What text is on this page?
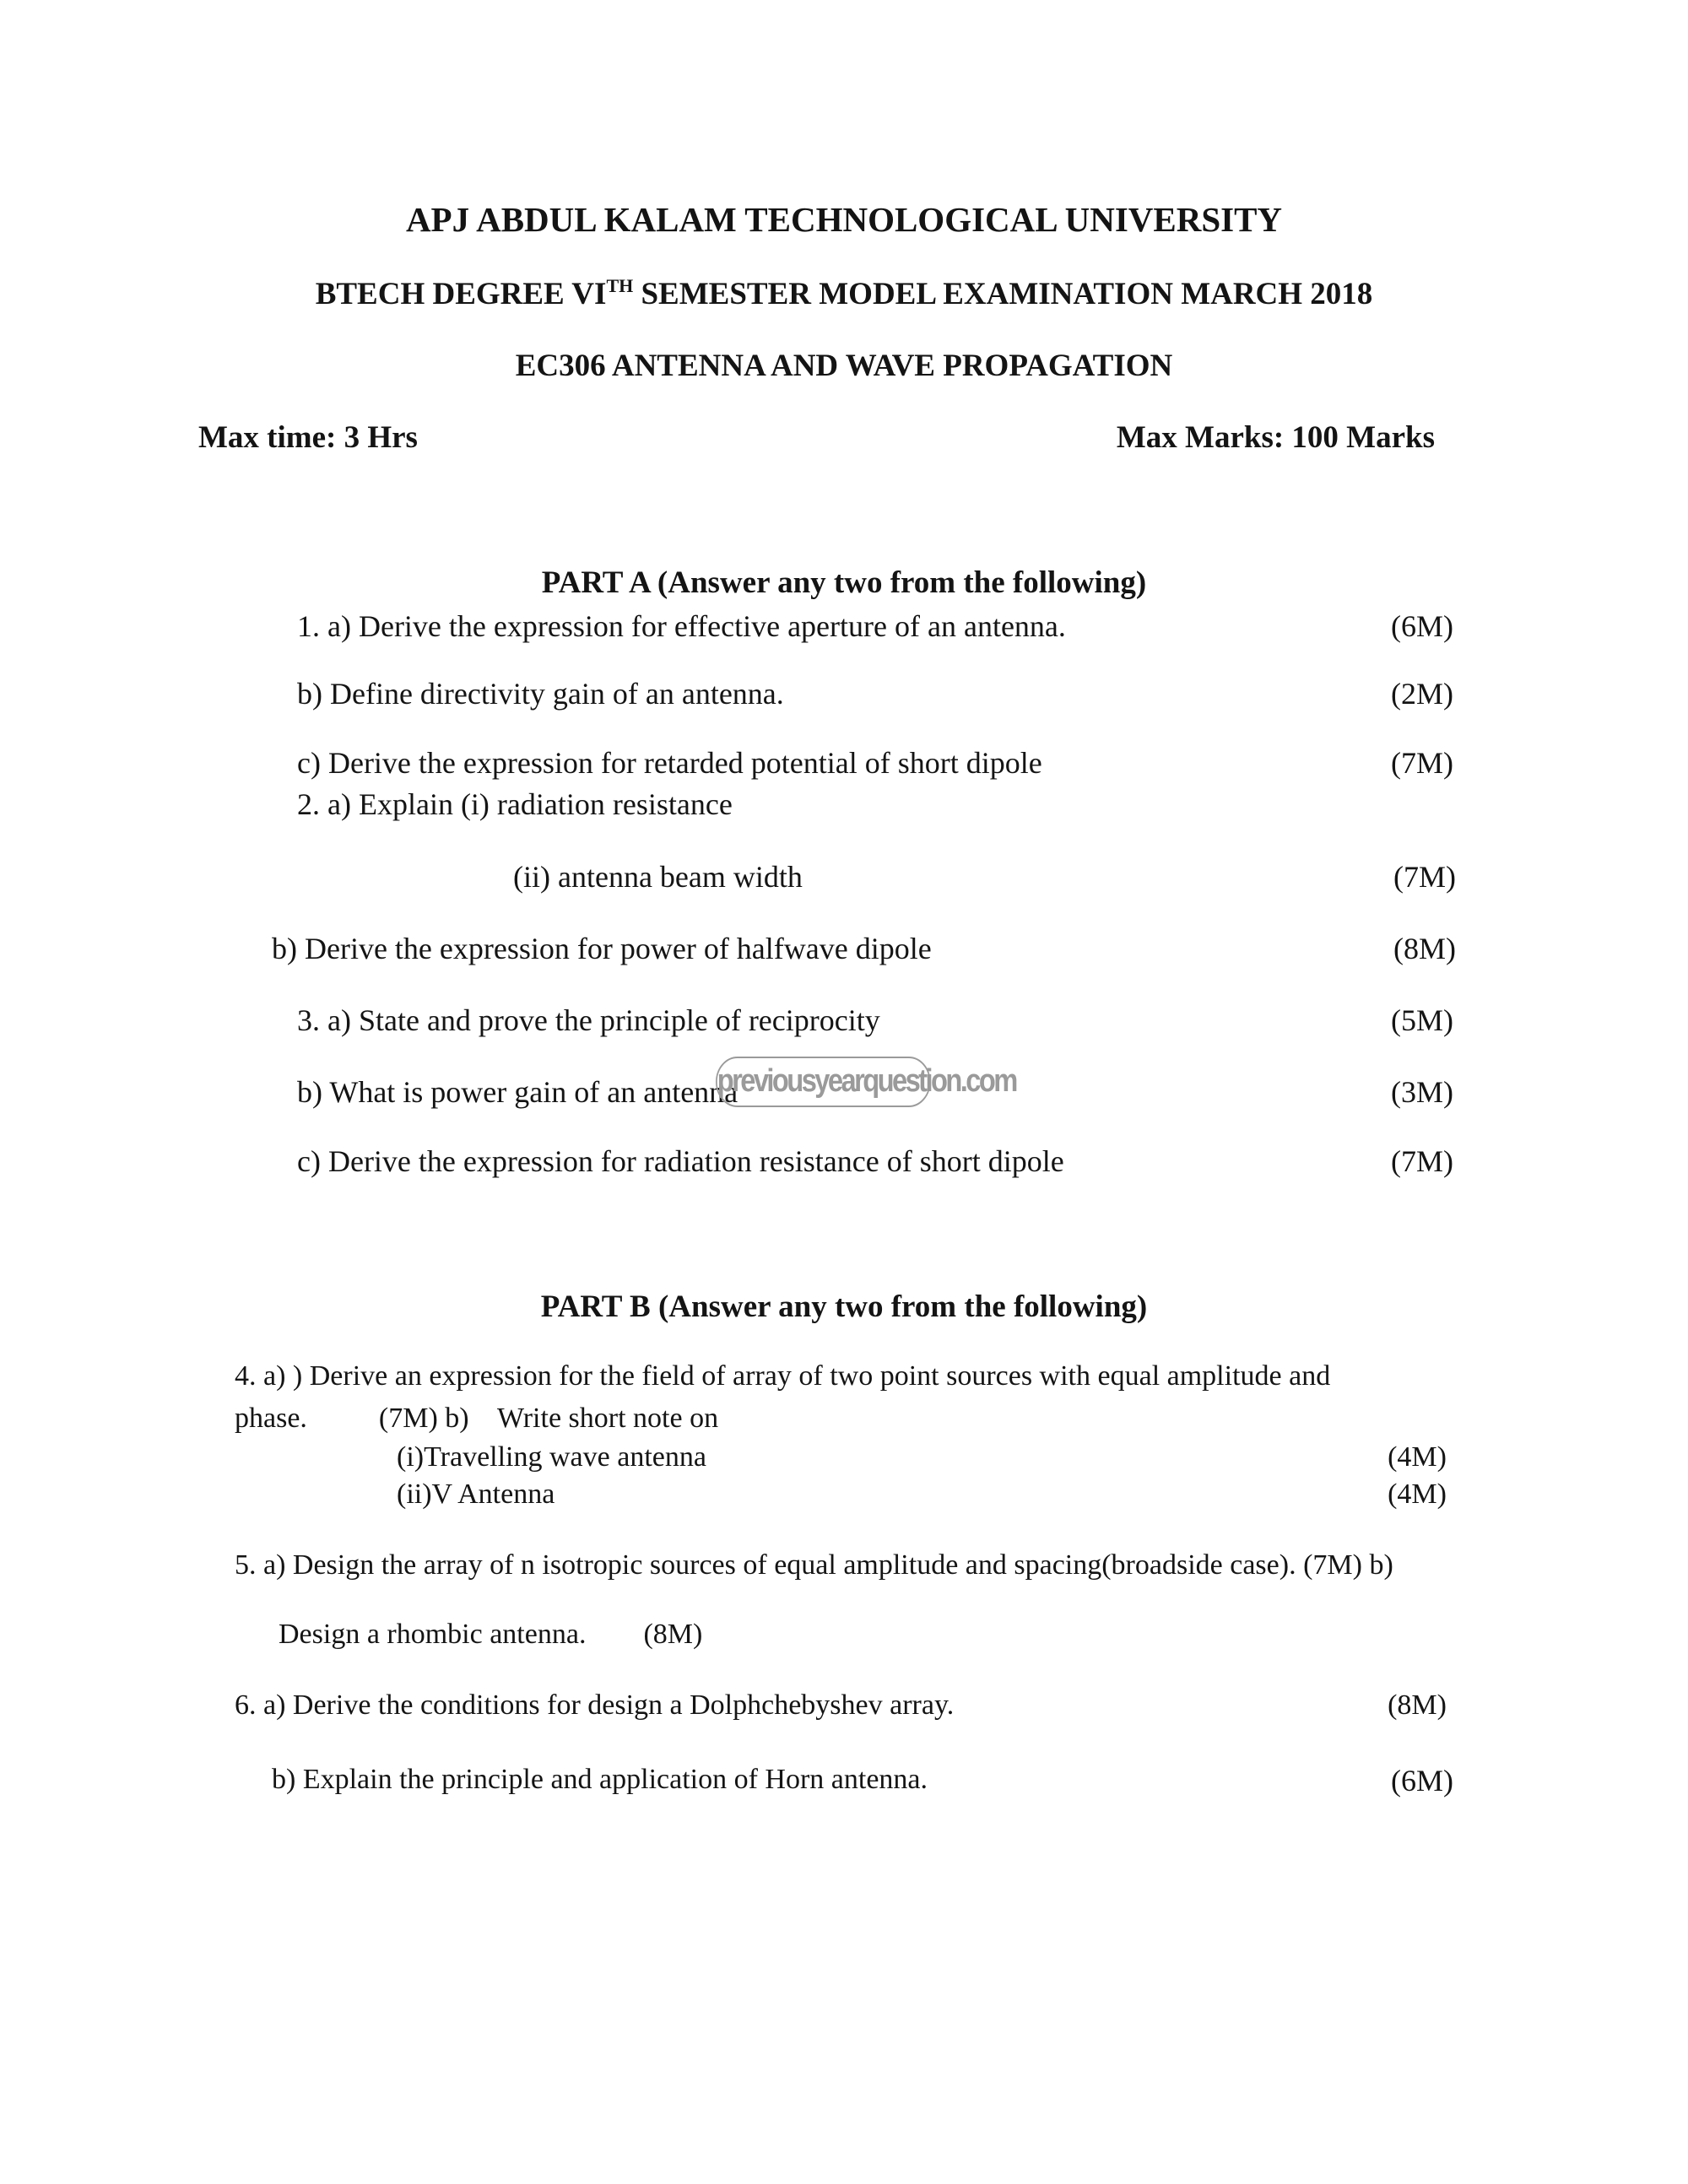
APJ ABDUL KALAM TECHNOLOGICAL UNIVERSITY
BTECH DEGREE VITH SEMESTER MODEL EXAMINATION MARCH 2018
EC306 ANTENNA AND WAVE PROPAGATION
Max time: 3 Hrs	Max Marks: 100 Marks
PART A (Answer any two from the following)
1. a) Derive the expression for effective aperture of an antenna.	(6M)
b) Define directivity gain of an antenna.	(2M)
c) Derive the expression for retarded potential of short dipole	(7M)
2. a) Explain (i) radiation resistance
(ii) antenna beam width	(7M)
b) Derive the expression for power of halfwave dipole	(8M)
3. a) State and prove the principle of reciprocity	(5M)
b) What is power gain of an antenna	(3M)
previousyearquestion.com
c) Derive the expression for radiation resistance of short dipole	(7M)
PART B (Answer any two from the following)
4. a) ) Derive an expression for the field of array of two point sources with equal amplitude and
phase.          (7M) b)    Write short note on
(i)Travelling wave antenna	(4M)
(ii)V Antenna	(4M)
5. a) Design the array of n isotropic sources of equal amplitude and spacing(broadside case). (7M) b)
Design a rhombic antenna.        (8M)
6. a) Derive the conditions for design a Dolphchebyshev array.	(8M)
b) Explain the principle and application of Horn antenna.	(6M)
